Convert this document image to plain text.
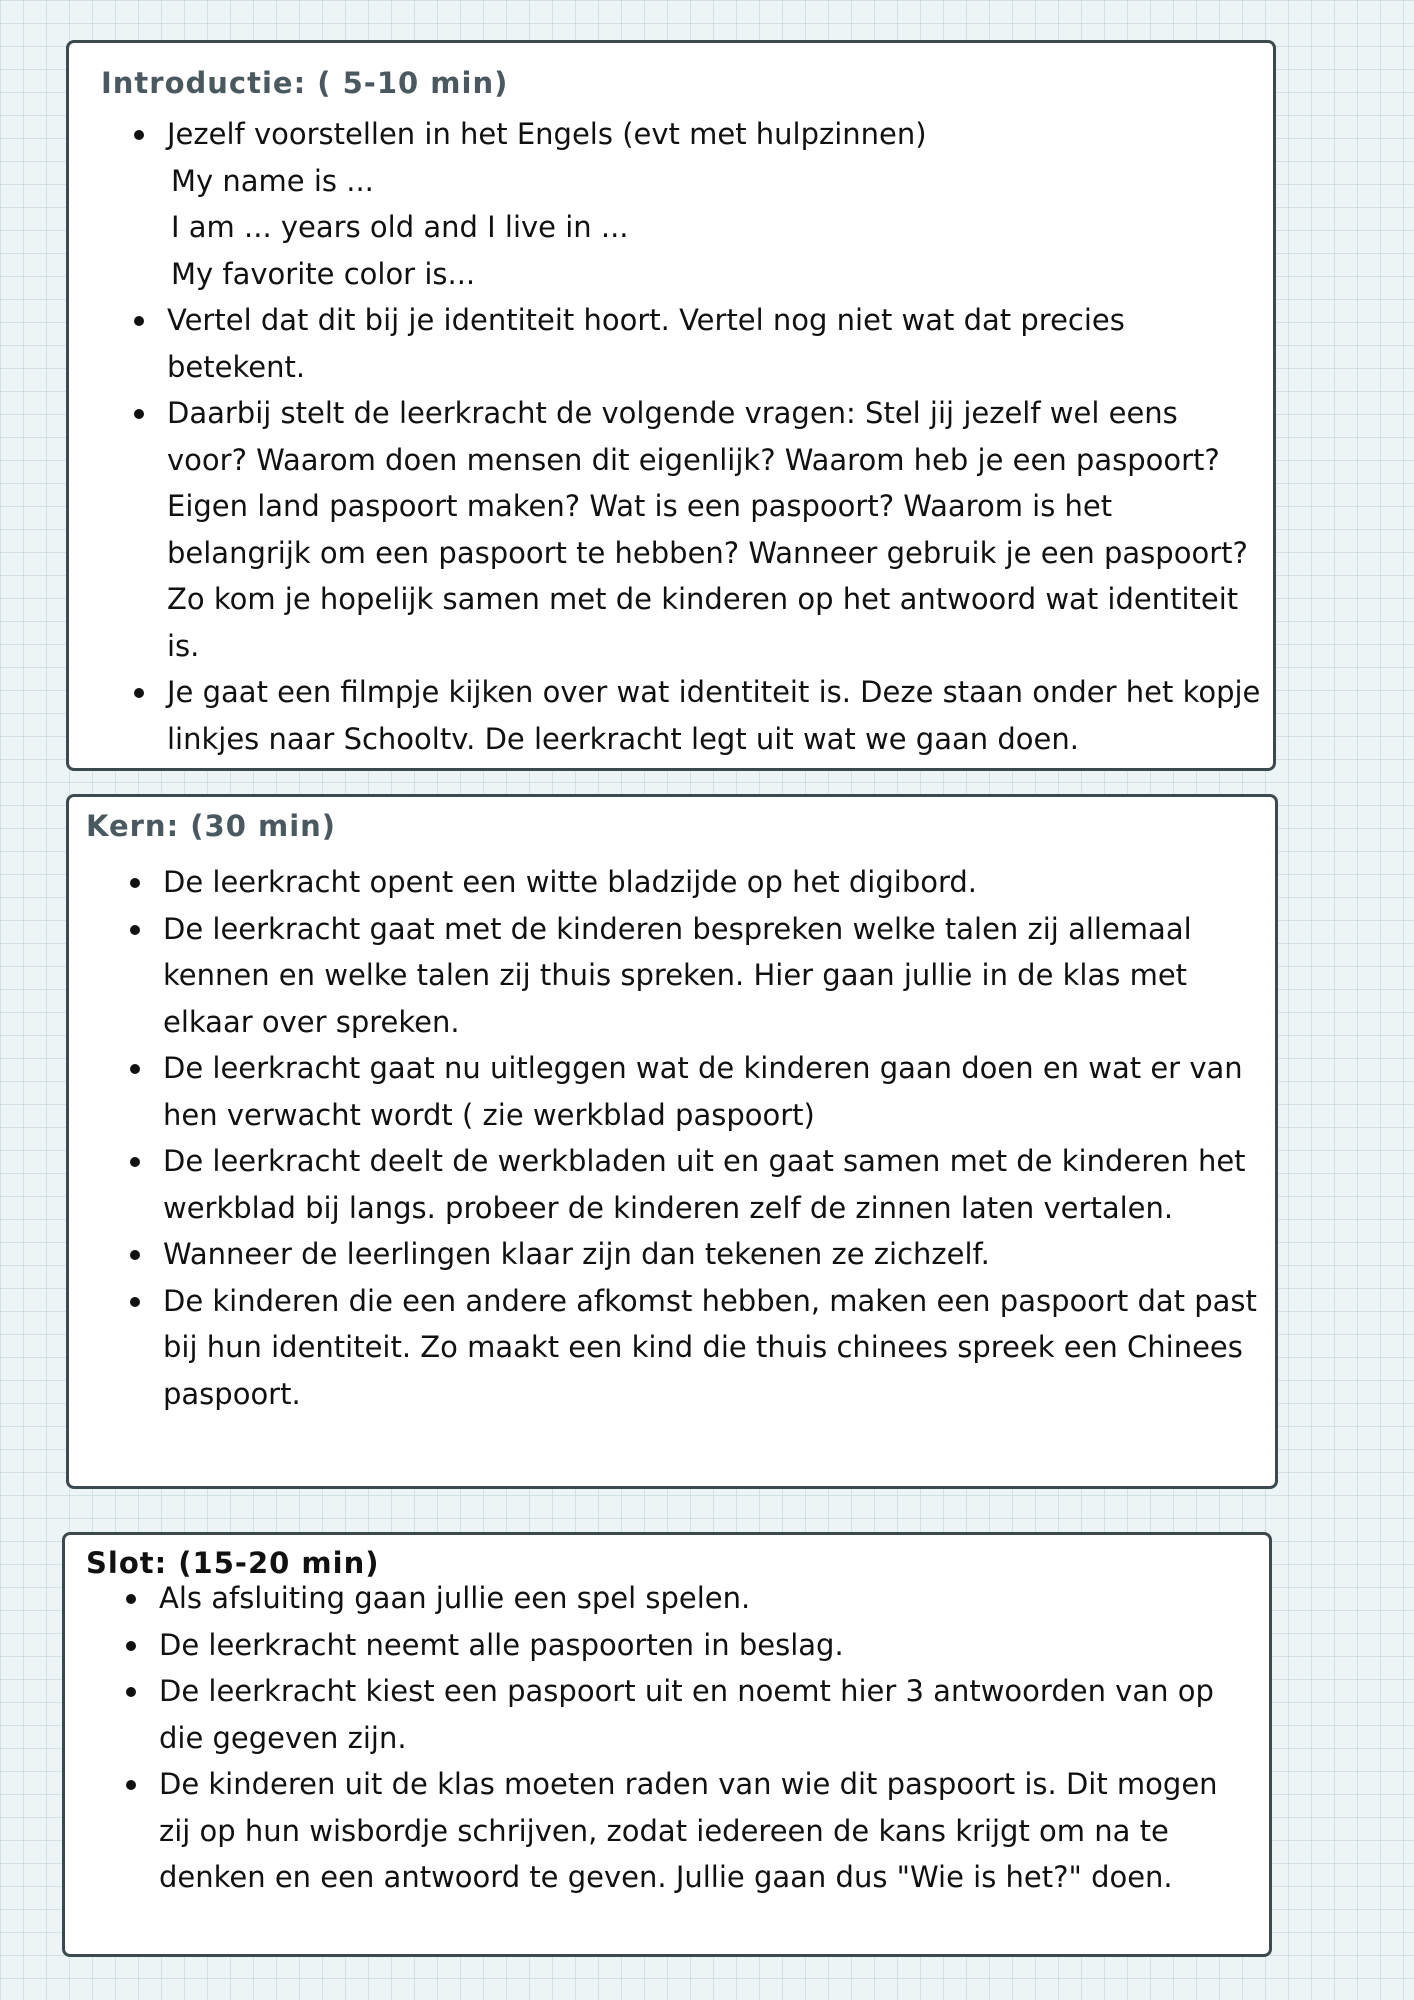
Introductie: ( 5-10 min)
Jezelf voorstellen in het Engels (evt met hulpzinnen)
My name is ...
I am ... years old and I live in ...
My favorite color is...
Vertel dat dit bij je identiteit hoort. Vertel nog niet wat dat precies betekent.
Daarbij stelt de leerkracht de volgende vragen: Stel jij jezelf wel eens voor? Waarom doen mensen dit eigenlijk? Waarom heb je een paspoort? Eigen land paspoort maken? Wat is een paspoort? Waarom is het belangrijk om een paspoort te hebben? Wanneer gebruik je een paspoort? Zo kom je hopelijk samen met de kinderen op het antwoord wat identiteit is.
Je gaat een filmpje kijken over wat identiteit is. Deze staan onder het kopje linkjes naar Schooltv. De leerkracht legt uit wat we gaan doen.
Kern: (30 min)
De leerkracht opent een witte bladzijde op het digibord.
De leerkracht gaat met de kinderen bespreken welke talen zij allemaal kennen en welke talen zij thuis spreken. Hier gaan jullie in de klas met elkaar over spreken.
De leerkracht gaat nu uitleggen wat de kinderen gaan doen en wat er van hen verwacht wordt ( zie werkblad paspoort)
De leerkracht deelt de werkbladen uit en gaat samen met de kinderen het werkblad bij langs. probeer de kinderen zelf de zinnen laten vertalen.
Wanneer de leerlingen klaar zijn dan tekenen ze zichzelf.
De kinderen die een andere afkomst hebben, maken een paspoort dat past bij hun identiteit. Zo maakt een kind die thuis chinees spreek een Chinees paspoort.
Slot: (15-20 min)
Als afsluiting gaan jullie een spel spelen.
De leerkracht neemt alle paspoorten in beslag.
De leerkracht kiest een paspoort uit en noemt hier 3 antwoorden van op die gegeven zijn.
De kinderen uit de klas moeten raden van wie dit paspoort is. Dit mogen zij op hun wisbordje schrijven, zodat iedereen de kans krijgt om na te denken en een antwoord te geven. Jullie gaan dus "Wie is het?" doen.
